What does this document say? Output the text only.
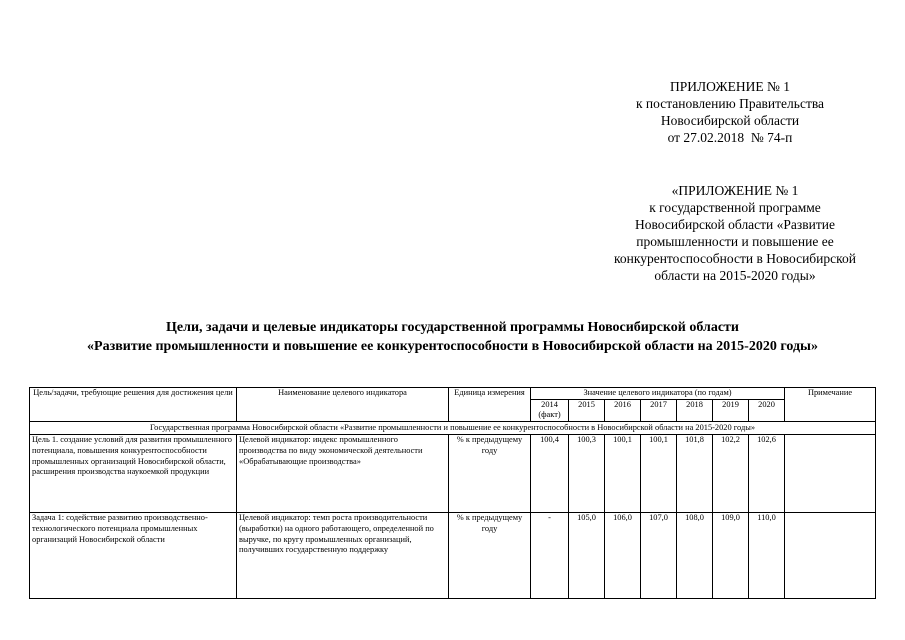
ПРИЛОЖЕНИЕ № 1
к постановлению Правительства
Новосибирской области
от 27.02.2018  № 74-п
«ПРИЛОЖЕНИЕ № 1
к государственной программе
Новосибирской области «Развитие
промышленности и повышение ее
конкурентоспособности в Новосибирской
области на 2015-2020 годы»
Цели, задачи и целевые индикаторы государственной программы Новосибирской области
«Развитие промышленности и повышение ее конкурентоспособности в Новосибирской области на 2015-2020 годы»
Цель/задачи, требующие решения для достижения цели	Наименование целевого индикатора	Единица измерения	Значение целевого индикатора (по годам)							Примечание
			2014 (факт)	2015	2016	2017	2018	2019	2020	
Государственная программа Новосибирской области «Развитие промышленности и повышение ее конкурентоспособности в Новосибирской области на 2015-2020 годы»										
Цель 1. создание условий для развития промышленного потенциала, повышения конкурентоспособности промышленных организаций Новосибирской области, расширения производства наукоемкой продукции	Целевой индикатор: индекс промышленного производства по виду экономической деятельности «Обрабатывающие производства»	% к предыдущему году	100,4	100,3	100,1	100,1	101,8	102,2	102,6	
Задача 1: содействие развитию производственно-технологического потенциала промышленных организаций Новосибирской области	Целевой индикатор: темп роста производительности (выработки) на одного работающего, определенной по выручке, по кругу промышленных организаций, получивших государственную поддержку	% к предыдущему году	-	105,0	106,0	107,0	108,0	109,0	110,0	
